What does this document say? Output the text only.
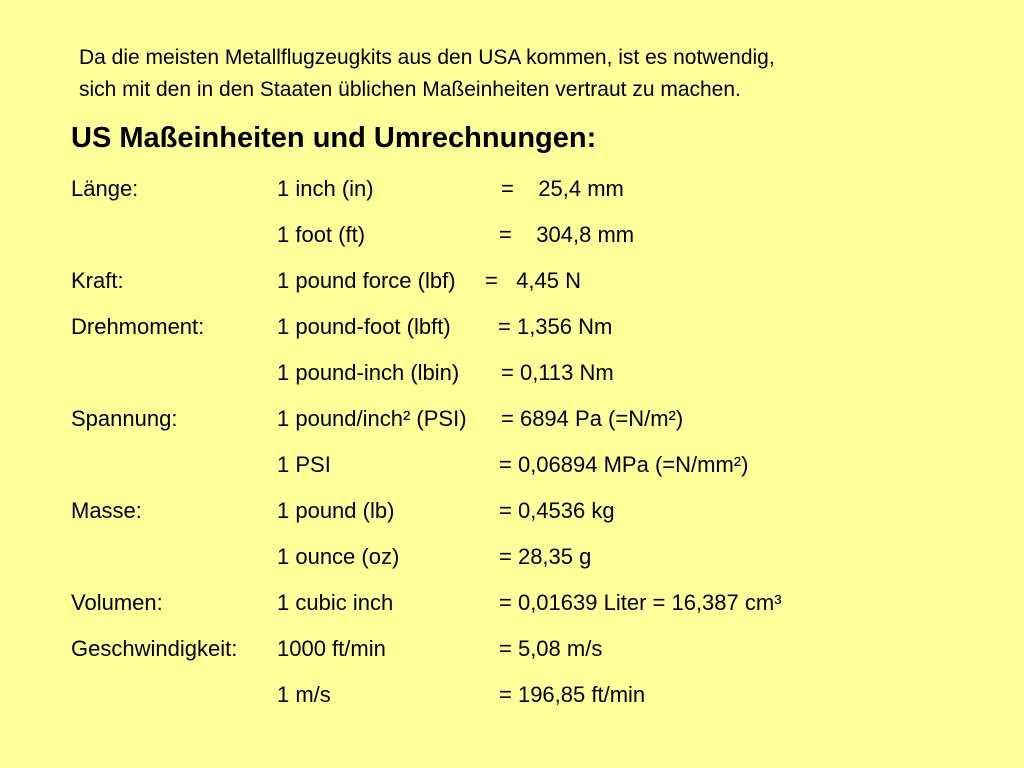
Da die meisten Metallflugzeugkits aus den USA kommen, ist es notwendig,
sich mit den in den Staaten üblichen Maßeinheiten vertraut zu machen.
US Maßeinheiten und Umrechnungen:
Länge:	1 inch (in)	=    25,4 mm
1 foot (ft)	=    304,8 mm
Kraft:	1 pound force (lbf) =   4,45 N
Drehmoment:	1 pound-foot (lbft) = 1,356 Nm
1 pound-inch (lbin) = 0,113 Nm
Spannung:	1 pound/inch² (PSI) = 6894 Pa (=N/m²)
1 PSI	= 0,06894 MPa (=N/mm²)
Masse:	1 pound (lb)	= 0,4536 kg
1 ounce (oz)	= 28,35 g
Volumen:	1 cubic inch	= 0,01639 Liter = 16,387 cm³
Geschwindigkeit: 1000 ft/min	= 5,08 m/s
1 m/s	= 196,85 ft/min
